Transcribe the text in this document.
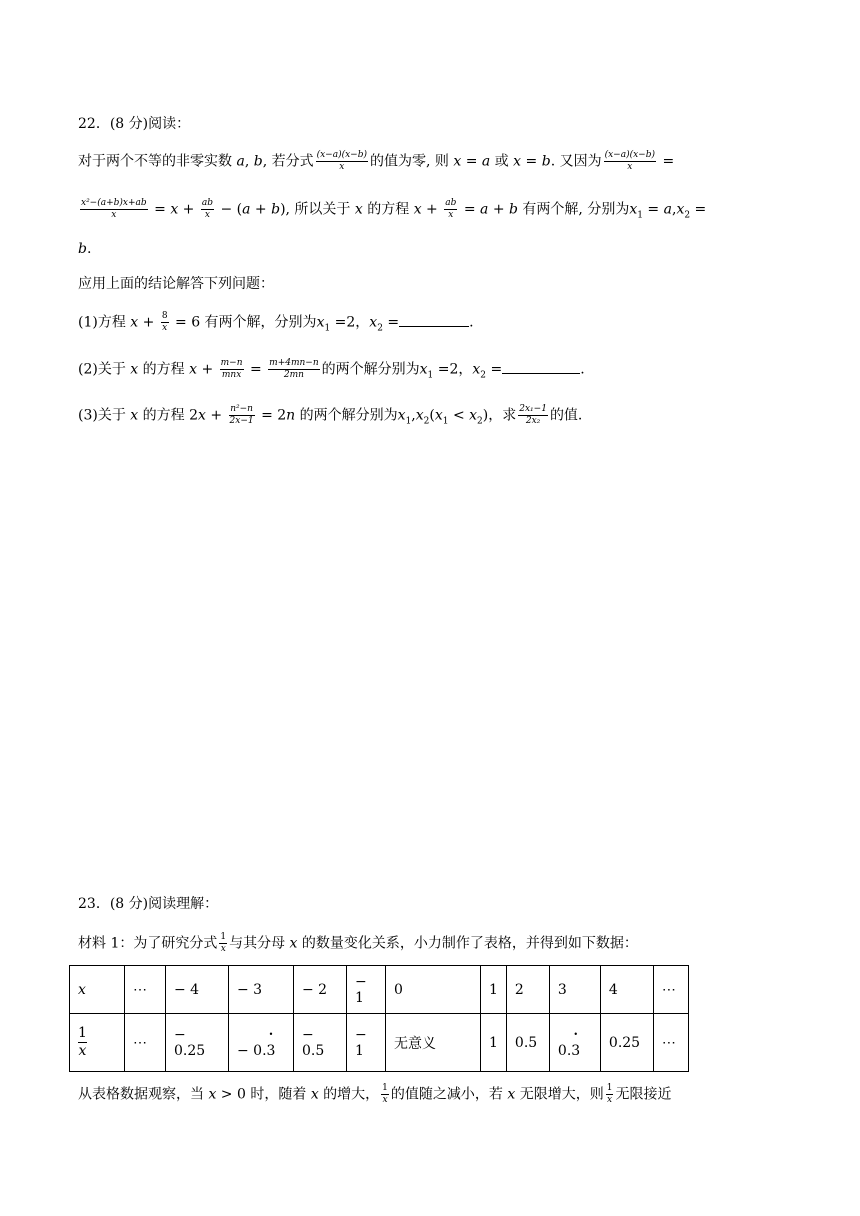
22．(8 分)阅读：
对于两个不等的非零实数 a, b, 若分式 $\frac{(x-a)(x-b)}{x}$ 的值为零, 则 x = a 或 x = b. 又因为 $\frac{(x-a)(x-b)}{x}$ =
$\frac{\text{x²−(a+b)x+ab}}{x} = x + \frac{ab}{x} - (a + b)$, 所以关于 x 的方程 $x + \frac{ab}{x} = a + b$ 有两个解, 分别为$x_1 = a,x_2$ =
b.
应用上面的结论解答下列问题：
(1)方程 $x + \frac{8}{x} = 6$ 有两个解，分别为$x_1 =2$，$x_2$ =	.
(2)关于 x 的方程 $x + \frac{m-n}{\text{mnx}} = \frac{m+4mn-n}{2mn}$ 的两个解分别为$x_1 =2$，$x_2$ =	.
(3)关于 x 的方程 $2x + \frac{\text{n²−n}}{2x-1} = 2n$ 的两个解分别为$x_1,x_2(x_1 < x_2)$，求 $\frac{\text{2x₁−1}}{\text{2x₂}}$ 的值.
23．(8 分)阅读理解：
材料 1：为了研究分式 $\frac{1}{x}$ 与其分母 x 的数量变化关系，小力制作了表格，并得到如下数据：
x	⋯	− 4	− 3	− 2	− 1	0	1	2	3	4	⋯

$\frac{1}{x}$	⋯	− 0.25	− 0.• 3	− 0.5	− 1	无意义	1	0.5	0.• 3	0.25	⋯
从表格数据观察，当 x > 0 时，随着 x 的增大， $\frac{1}{x}$ 的值随之减小，若 x 无限增大，则 $\frac{1}{x}$ 无限接近
